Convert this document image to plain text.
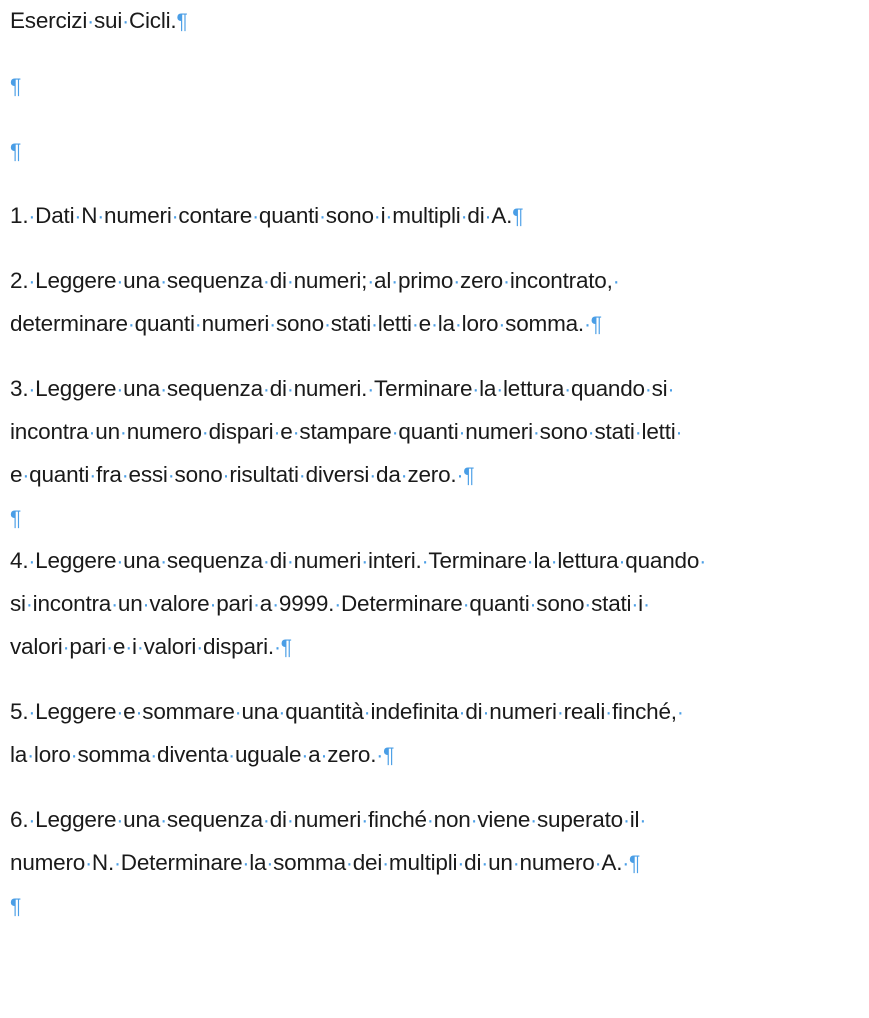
Esercizi·sui·Cicli.¶
¶
¶
1.·Dati·N·numeri·contare·quanti·sono·i·multipli·di·A.¶
2.·Leggere·una·sequenza·di·numeri;·al·primo·zero·incontrato,·
determinare·quanti·numeri·sono·stati·letti·e·la·loro·somma.·¶
3.·Leggere·una·sequenza·di·numeri.·Terminare·la·lettura·quando·si·
incontra·un·numero·dispari·e·stampare·quanti·numeri·sono·stati·letti·
e·quanti·fra·essi·sono·risultati·diversi·da·zero.·¶
¶
4.·Leggere·una·sequenza·di·numeri·interi.·Terminare·la·lettura·quando·
si·incontra·un·valore·pari·a·9999.·Determinare·quanti·sono·stati·i·
valori·pari·e·i·valori·dispari.·¶
5.·Leggere·e·sommare·una·quantità·indefinita·di·numeri·reali·finché,·
la·loro·somma·diventa·uguale·a·zero.·¶
6.·Leggere·una·sequenza·di·numeri·finché·non·viene·superato·il·
numero·N.·Determinare·la·somma·dei·multipli·di·un·numero·A.·¶
¶
